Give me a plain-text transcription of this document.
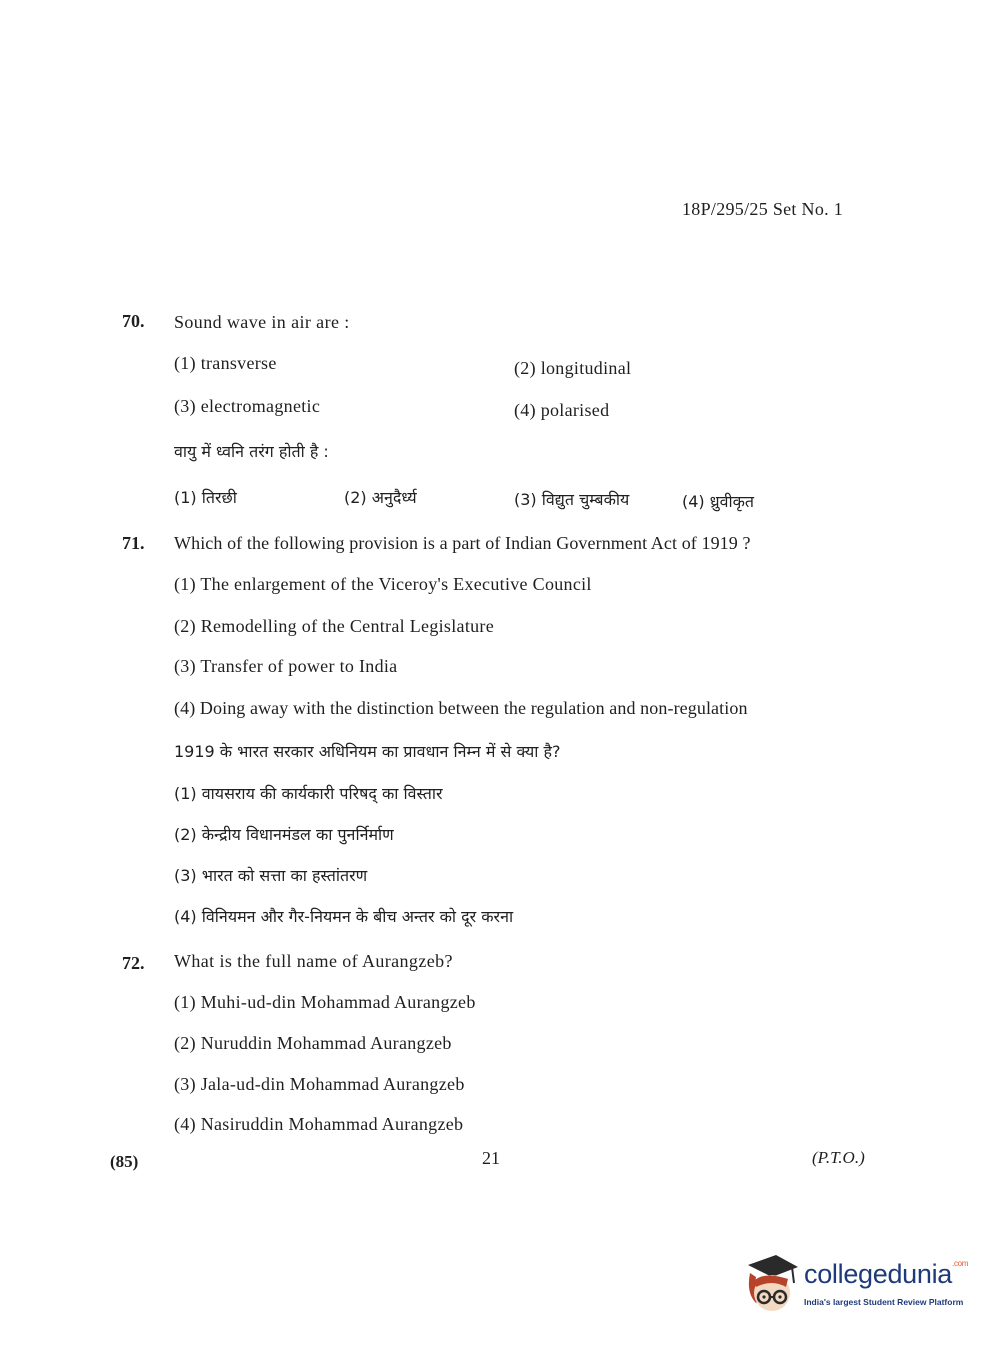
18P/295/25 Set No. 1
70. Sound wave in air are :
(1) transverse	(2) longitudinal
(3) electromagnetic	(4) polarised
वायु में ध्वनि तरंग होती है :
(1) तिरछी	(2) अनुदैर्ध्य	(3) विद्युत चुम्बकीय	(4) ध्रुवीकृत
71. Which of the following provision is a part of Indian Government Act of 1919 ?
(1) The enlargement of the Viceroy's Executive Council
(2) Remodelling of the Central Legislature
(3) Transfer of power to India
(4) Doing away with the distinction between the regulation and non-regulation
1919 के भारत सरकार अधिनियम का प्रावधान निम्न में से क्या है?
(1) वायसराय की कार्यकारी परिषद् का विस्तार
(2) केन्द्रीय विधानमंडल का पुनर्निर्माण
(3) भारत को सत्ता का हस्तांतरण
(4) विनियमन और गैर-नियमन के बीच अन्तर को दूर करना
72. What is the full name of Aurangzeb?
(1) Muhi-ud-din Mohammad Aurangzeb
(2) Nuruddin Mohammad Aurangzeb
(3) Jala-ud-din Mohammad Aurangzeb
(4) Nasiruddin Mohammad Aurangzeb
(85)	21	(P.T.O.)
collegedunia$^{.com}$
India's largest Student Review Platform
